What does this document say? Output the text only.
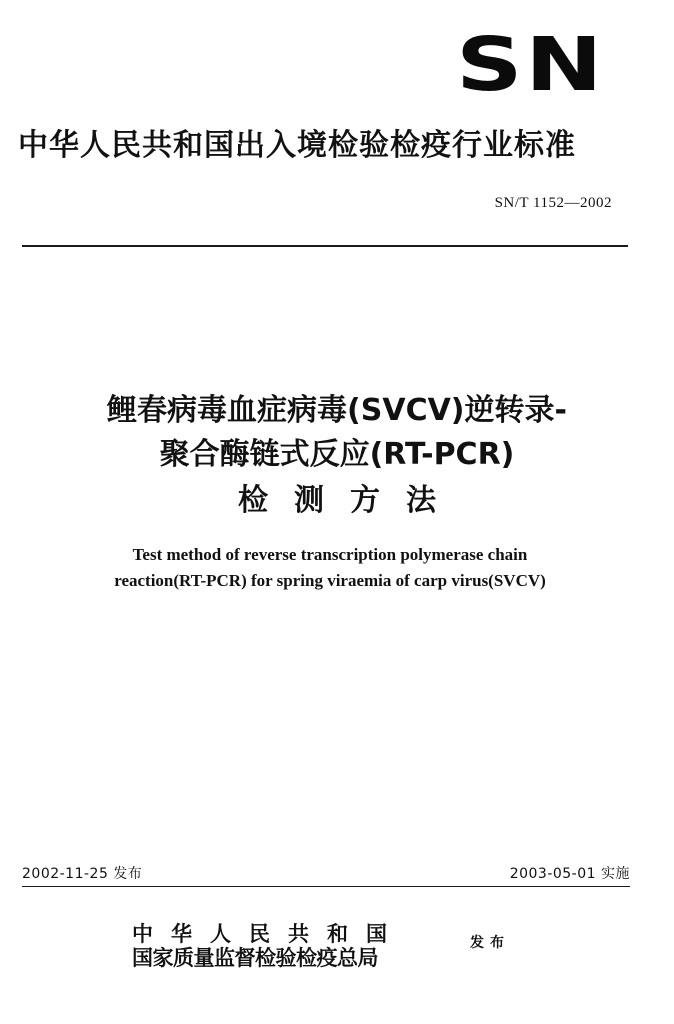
SN
中华人民共和国出入境检验检疫行业标准
SN/T 1152—2002
鲤春病毒血症病毒(SVCV)逆转录-
聚合酶链式反应(RT-PCR)
检测方法
Test method of reverse transcription polymerase chain
reaction(RT-PCR) for spring viraemia of carp virus(SVCV)
2002-11-25 发布	2003-05-01 实施
中华人民共和国
国家质量监督检验检疫总局
发布
